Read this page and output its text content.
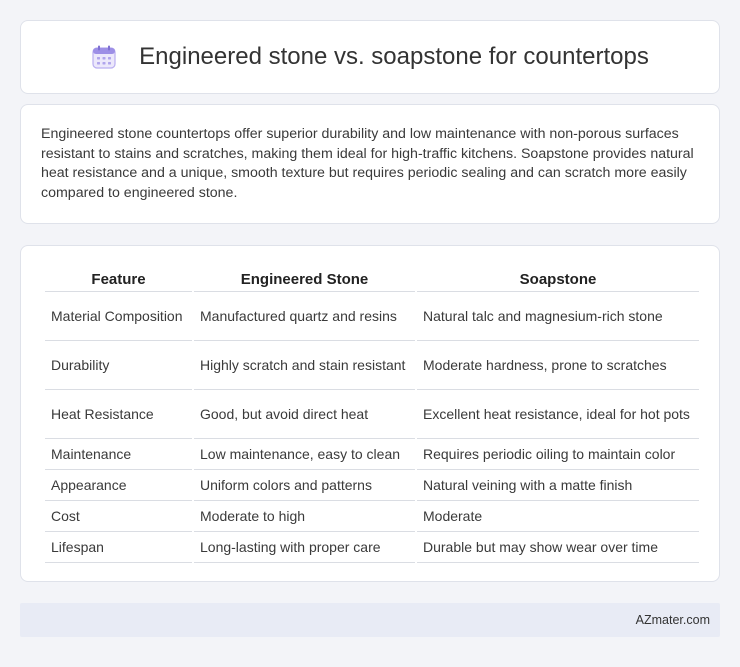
Engineered stone vs. soapstone for countertops

Engineered stone countertops offer superior durability and low maintenance with non-porous surfaces resistant to stains and scratches, making them ideal for high-traffic kitchens. Soapstone provides natural heat resistance and a unique, smooth texture but requires periodic sealing and can scratch more easily compared to engineered stone.

Feature	Engineered Stone	Soapstone
Material Composition	Manufactured quartz and resins	Natural talc and magnesium-rich stone
Durability	Highly scratch and stain resistant	Moderate hardness, prone to scratches
Heat Resistance	Good, but avoid direct heat	Excellent heat resistance, ideal for hot pots
Maintenance	Low maintenance, easy to clean	Requires periodic oiling to maintain color
Appearance	Uniform colors and patterns	Natural veining with a matte finish
Cost	Moderate to high	Moderate
Lifespan	Long-lasting with proper care	Durable but may show wear over time
AZmater.com
